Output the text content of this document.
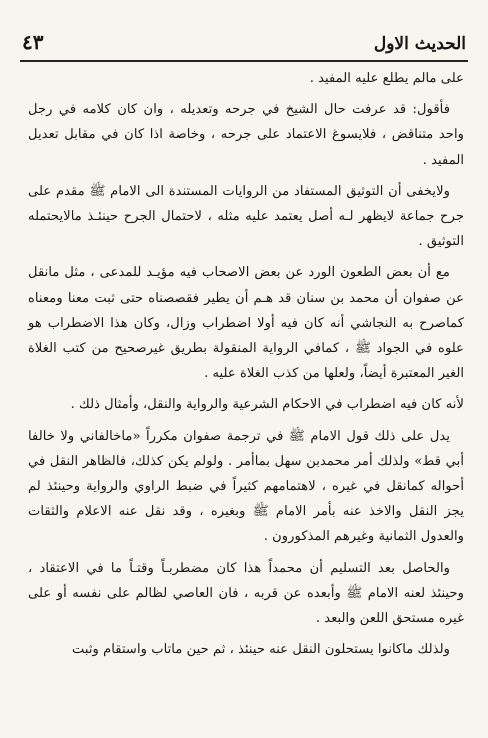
٤٣	الحديث الاول

على مالم يطلع عليه المفيد .

فأقول: قد عرفت حال الشيخ في جرحه وتعديله ، وان كان كلامه في رجل واحد متناقض ، فلايسوغ الاعتماد على جرحه ، وخاصة اذا كان في مقابل تعديل المفيد .

ولايخفى أن التوثيق المستفاد من الروايات المستندة الى الامام ﷺ مقدم على جرح جماعة لايظهر لـه أصل يعتمد عليه مثله ، لاحتمال الجرح حينئـذ مالايحتمله التوثيق .

مع أن بعض الطعون الورد عن بعض الاصحاب فيه مؤيـد للمدعى ، مثل مانقل عن صفوان أن محمد بن سنان قد هـم أن يطير فقصصناه حتى ثبت معنا ومعناه كماصرح به النجاشي أنه كان فيه أولا اضطراب وزال، وكان هذا الاضطراب هو علوه في الجواد ﷺ ، كمافي الرواية المنقولة بطريق غيرصحيح من كتب الغلاة الغير المعتبرة أيضاً، ولعلها من كذب الغلاة عليه .

لأنه كان فيه اضطراب في الاحكام الشرعية والرواية والنقل، وأمثال ذلك .

يدل على ذلك قول الامام ﷺ في ترجمة صفوان مكرراً «ماخالفاني ولا خالفا أبي قط» ولذلك أمر محمدبن سهل بماأمر . ولولم يكن كذلك، فالظاهر النقل في أحواله كمانقل في غيره ، لاهتمامهم كثيراً في ضبط الراوي والرواية وحينئذ لم يجز النقل والاخذ عنه بأمر الامام ﷺ وبغيره ، وقد نقل عنه الاعلام والثقات والعدول الثمانية وغيرهم المذكورون .

والحاصل بعد التسليم أن محمداً هذا كان مضطربـاً وقتـاً ما في الاعتقاد ، وحينئذ لعنه الامام ﷺ وأبعده عن قربه ، فان العاصي لظالم على نفسه أو على غيره مستحق اللعن والبعد .

ولذلك ماكانوا يستحلون النقل عنه حينئذ ، ثم حين ماتاب واستقام وثبت
